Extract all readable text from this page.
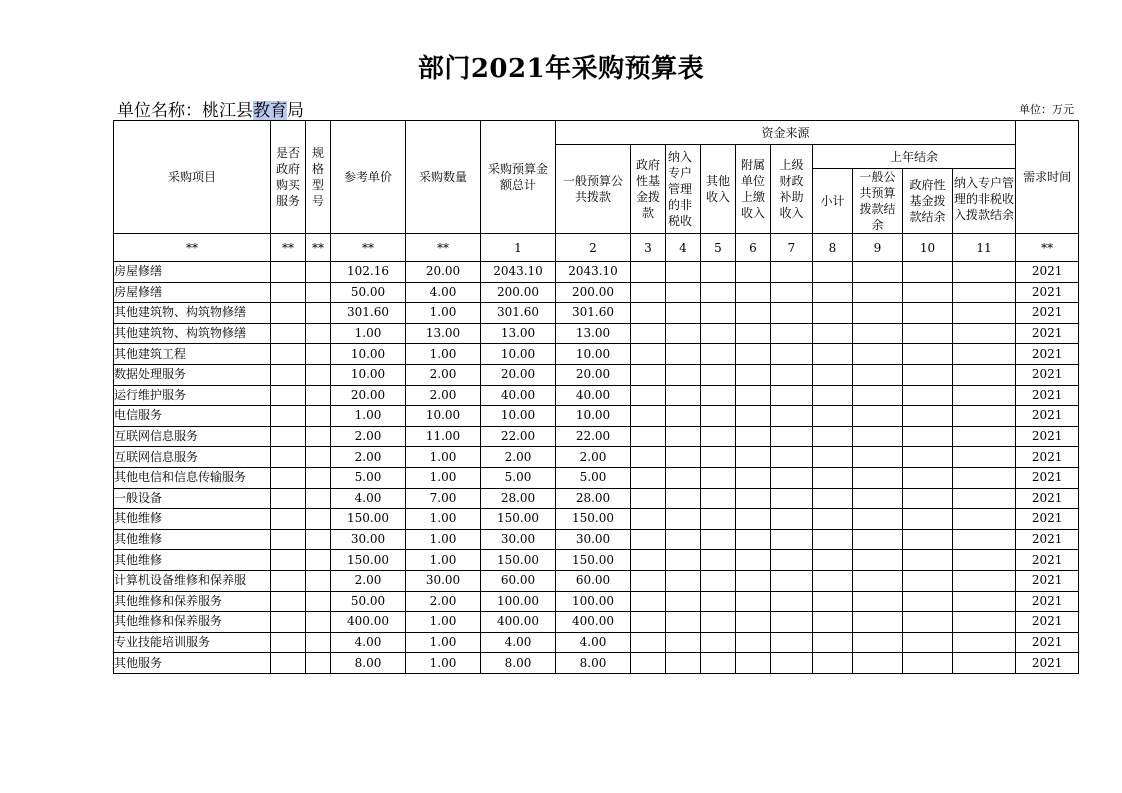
部门2021年采购预算表
单位名称：桃江县教育局	单位：万元
采购项目	是否政府购买服务	规格型号	参考单价	采购数量	采购预算金额总计	资金来源										需求时间
						一般预算公共拨款	政府性基金拨款	纳入专户管理的非税收	其他收入	附属单位上缴收入	上级财政补助收入	上年结余				
												小计	一般公共预算拨款结余	政府性基金拨款结余	纳入专户管理的非税收入拨款结余	
**	**	**	**	**	1	2	3	4	5	6	7	8	9	10	11	**
房屋修缮			102.16	20.00	2043.10	2043.10										2021
房屋修缮			50.00	4.00	200.00	200.00										2021
其他建筑物、构筑物修缮			301.60	1.00	301.60	301.60										2021
其他建筑物、构筑物修缮			1.00	13.00	13.00	13.00										2021
其他建筑工程			10.00	1.00	10.00	10.00										2021
数据处理服务			10.00	2.00	20.00	20.00										2021
运行维护服务			20.00	2.00	40.00	40.00										2021
电信服务			1.00	10.00	10.00	10.00										2021
互联网信息服务			2.00	11.00	22.00	22.00										2021
互联网信息服务			2.00	1.00	2.00	2.00										2021
其他电信和信息传输服务			5.00	1.00	5.00	5.00										2021
一般设备			4.00	7.00	28.00	28.00										2021
其他维修			150.00	1.00	150.00	150.00										2021
其他维修			30.00	1.00	30.00	30.00										2021
其他维修			150.00	1.00	150.00	150.00										2021
计算机设备维修和保养服			2.00	30.00	60.00	60.00										2021
其他维修和保养服务			50.00	2.00	100.00	100.00										2021
其他维修和保养服务			400.00	1.00	400.00	400.00										2021
专业技能培训服务			4.00	1.00	4.00	4.00										2021
其他服务			8.00	1.00	8.00	8.00										2021
